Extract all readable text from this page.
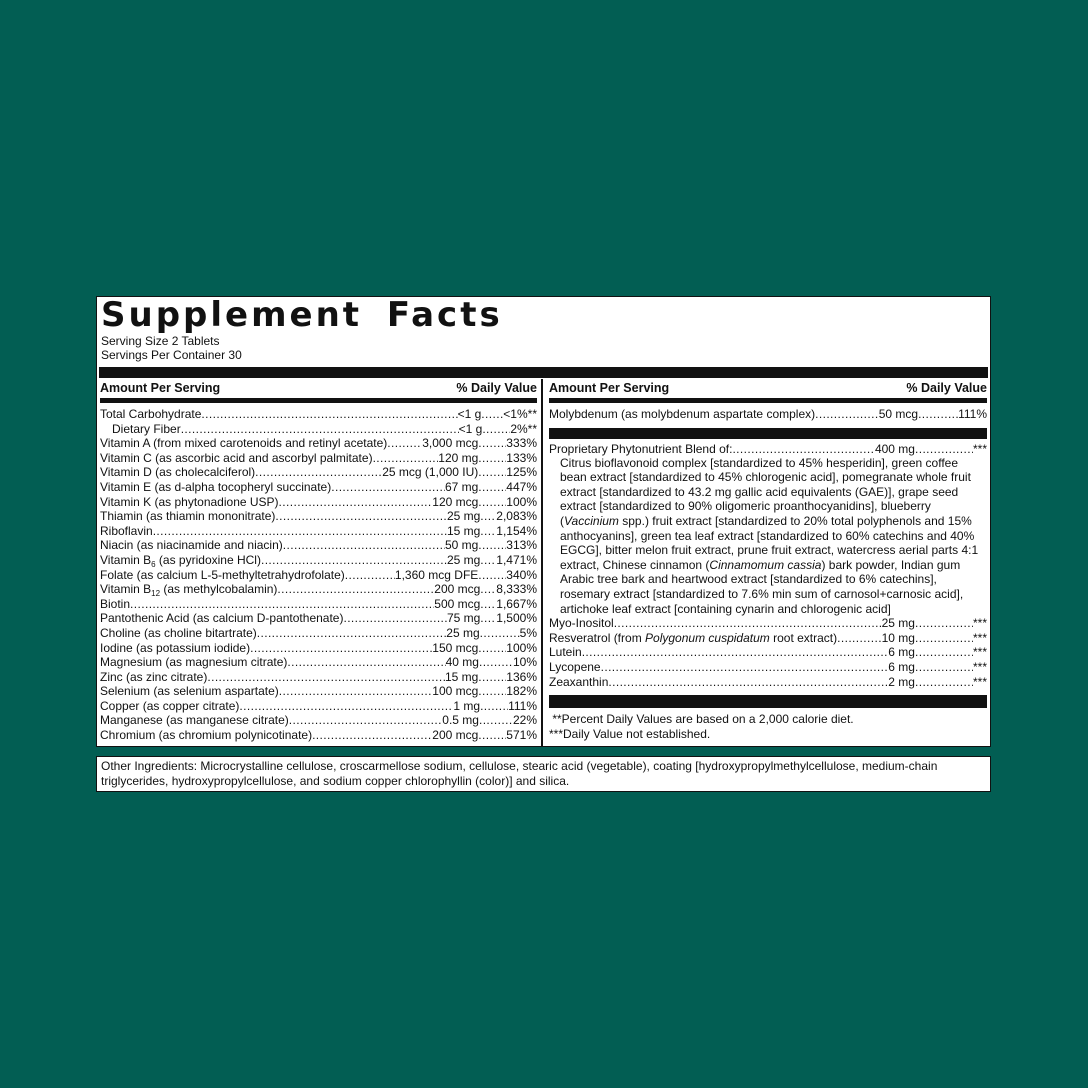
Supplement Facts
Serving Size 2 Tablets
Servings Per Container 30
Amount Per Serving	% Daily Value
Total Carbohydrate .....	<1 g ..... <1%**
Dietary Fiber .....	<1 g ..... 2%**
Vitamin A (from mixed carotenoids and retinyl acetate) .....	3,000 mcg ..... 333%
Vitamin C (as ascorbic acid and ascorbyl palmitate) .....	120 mg ..... 133%
Vitamin D (as cholecalciferol) .....	25 mcg (1,000 IU) ..... 125%
Vitamin E (as d-alpha tocopheryl succinate) .....	67 mg ..... 447%
Vitamin K (as phytonadione USP) .....	120 mcg ..... 100%
Thiamin (as thiamin mononitrate) .....	25 mg ..... 2,083%
Riboflavin .....	15 mg ..... 1,154%
Niacin (as niacinamide and niacin) .....	50 mg ..... 313%
Vitamin $B_6$ (as pyridoxine HCl) .....	25 mg ..... 1,471%
Folate (as calcium L-5-methyltetrahydrofolate) .....	1,360 mcg DFE ..... 340%
Vitamin $B_{12}$ (as methylcobalamin) .....	200 mcg ..... 8,333%
Biotin .....	500 mcg ..... 1,667%
Pantothenic Acid (as calcium D-pantothenate) .....	75 mg ..... 1,500%
Choline (as choline bitartrate) .....	25 mg .....	5%
Iodine (as potassium iodide) .....	150 mcg ..... 100%
Magnesium (as magnesium citrate) .....	40 mg .....	10%
Zinc (as zinc citrate) .....	15 mg ..... 136%
Selenium (as selenium aspartate) .....	100 mcg ..... 182%
Copper (as copper citrate) .....	1 mg ..... 111%
Manganese (as manganese citrate) .....	0.5 mg .....	22%
Chromium (as chromium polynicotinate) .....	200 mcg ..... 571%
Amount Per Serving	% Daily Value
Molybdenum (as molybdenum aspartate complex) .....	50 mcg .....	111%
Proprietary Phytonutrient Blend of: .....	400 mg .....	***
Citrus bioflavonoid complex [standardized to 45% hesperidin], green coffee bean extract [standardized to 45% chlorogenic acid], pomegranate whole fruit extract [standardized to 43.2 mg gallic acid equivalents (GAE)], grape seed extract [standardized to 90% oligomeric proanthocyanidins], blueberry (Vaccinium spp.) fruit extract [standardized to 20% total polyphenols and 15% anthocyanins], green tea leaf extract [standardized to 60% catechins and 40% EGCG], bitter melon fruit extract, prune fruit extract, watercress aerial parts 4:1 extract, Chinese cinnamon (Cinnamomum cassia) bark powder, Indian gum Arabic tree bark and heartwood extract [standardized to 6% catechins], rosemary extract [standardized to 7.6% min sum of carnosol+carnosic acid], artichoke leaf extract [containing cynarin and chlorogenic acid]
Myo-Inositol .....	25 mg .....	***
Resveratrol (from Polygonum cuspidatum root extract) .....	10 mg .....	***
Lutein .....	6 mg .....	***
Lycopene .....	6 mg .....	***
Zeaxanthin .....	2 mg .....	***
**Percent Daily Values are based on a 2,000 calorie diet.
***Daily Value not established.
Other Ingredients: Microcrystalline cellulose, croscarmellose sodium, cellulose, stearic acid (vegetable), coating [hydroxypropylmethylcellulose, medium-chain triglycerides, hydroxypropylcellulose, and sodium copper chlorophyllin (color)] and silica.
